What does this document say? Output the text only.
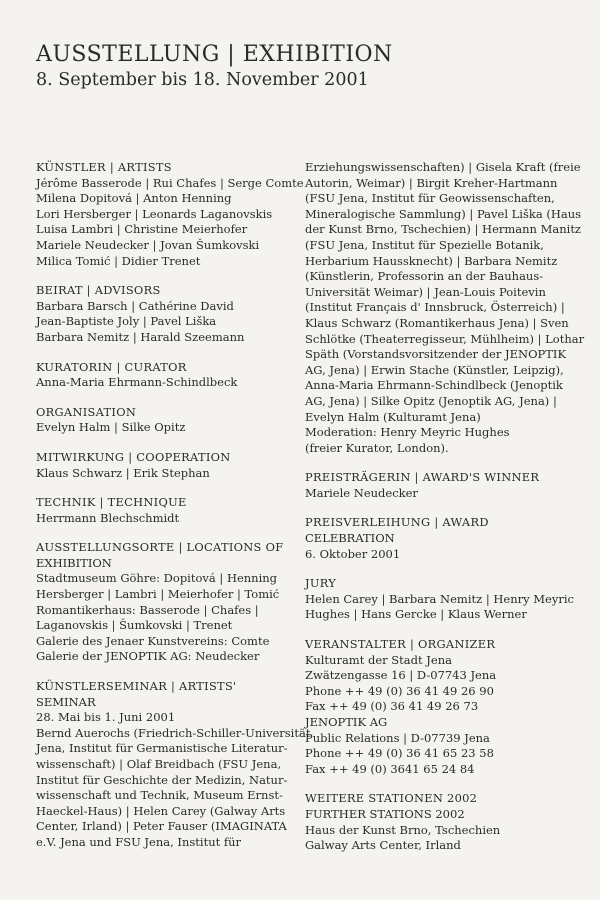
AUSSTELLUNG | EXHIBITION
8. September bis 18. November 2001
KÜNSTLER | ARTISTS
Jérôme Basserode | Rui Chafes | Serge Comte
Milena Dopitová | Anton Henning
Lori Hersberger | Leonards Laganovskis
Luisa Lambri | Christine Meierhofer
Mariele Neudecker | Jovan Šumkovski
Milica Tomić | Didier Trenet
BEIRAT | ADVISORS
Barbara Barsch | Cathérine David
Jean-Baptiste Joly | Pavel Liška
Barbara Nemitz | Harald Szeemann
KURATORIN | CURATOR
Anna-Maria Ehrmann-Schindlbeck
ORGANISATION
Evelyn Halm | Silke Opitz
MITWIRKUNG | COOPERATION
Klaus Schwarz | Erik Stephan
TECHNIK | TECHNIQUE
Herrmann Blechschmidt
AUSSTELLUNGSORTE | LOCATIONS OF
EXHIBITION
Stadtmuseum Göhre: Dopitová | Henning
Hersberger | Lambri | Meierhofer | Tomić
Romantikerhaus: Basserode | Chafes |
Laganovskis | Šumkovski | Trenet
Galerie des Jenaer Kunstvereins: Comte
Galerie der JENOPTIK AG: Neudecker
KÜNSTLERSEMINAR | ARTISTS'
SEMINAR
28. Mai bis 1. Juni 2001
Bernd Auerochs (Friedrich-Schiller-Universität
Jena, Institut für Germanistische Literatur-
wissenschaft) | Olaf Breidbach (FSU Jena,
Institut für Geschichte der Medizin, Natur-
wissenschaft und Technik, Museum Ernst-
Haeckel-Haus) | Helen Carey (Galway Arts
Center, Irland) | Peter Fauser (IMAGINATA
e.V. Jena und FSU Jena, Institut für
Erziehungswissenschaften) | Gisela Kraft (freie
Autorin, Weimar) | Birgit Kreher-Hartmann
(FSU Jena, Institut für Geowissenschaften,
Mineralogische Sammlung) | Pavel Liška (Haus
der Kunst Brno, Tschechien) | Hermann Manitz
(FSU Jena, Institut für Spezielle Botanik,
Herbarium Haussknecht) | Barbara Nemitz
(Künstlerin, Professorin an der Bauhaus-
Universität Weimar) | Jean-Louis Poitevin
(Institut Français d' Innsbruck, Österreich) |
Klaus Schwarz (Romantikerhaus Jena) | Sven
Schlötke (Theaterregisseur, Mühlheim) | Lothar
Späth (Vorstandsvorsitzender der JENOPTIK
AG, Jena) | Erwin Stache (Künstler, Leipzig),
Anna-Maria Ehrmann-Schindlbeck (Jenoptik
AG, Jena) | Silke Opitz (Jenoptik AG, Jena) |
Evelyn Halm (Kulturamt Jena)
Moderation: Henry Meyric Hughes
(freier Kurator, London).
PREISTRÄGERIN | AWARD'S WINNER
Mariele Neudecker
PREISVERLEIHUNG | AWARD
CELEBRATION
6. Oktober 2001
JURY
Helen Carey | Barbara Nemitz | Henry Meyric
Hughes | Hans Gercke | Klaus Werner
VERANSTALTER | ORGANIZER
Kulturamt der Stadt Jena
Zwätzengasse 16 | D-07743 Jena
Phone ++ 49 (0) 36 41 49 26 90
Fax ++ 49 (0) 36 41 49 26 73
JENOPTIK AG
Public Relations | D-07739 Jena
Phone ++ 49 (0) 36 41 65 23 58
Fax ++ 49 (0) 3641 65 24 84
WEITERE STATIONEN 2002
FURTHER STATIONS 2002
Haus der Kunst Brno, Tschechien
Galway Arts Center, Irland
